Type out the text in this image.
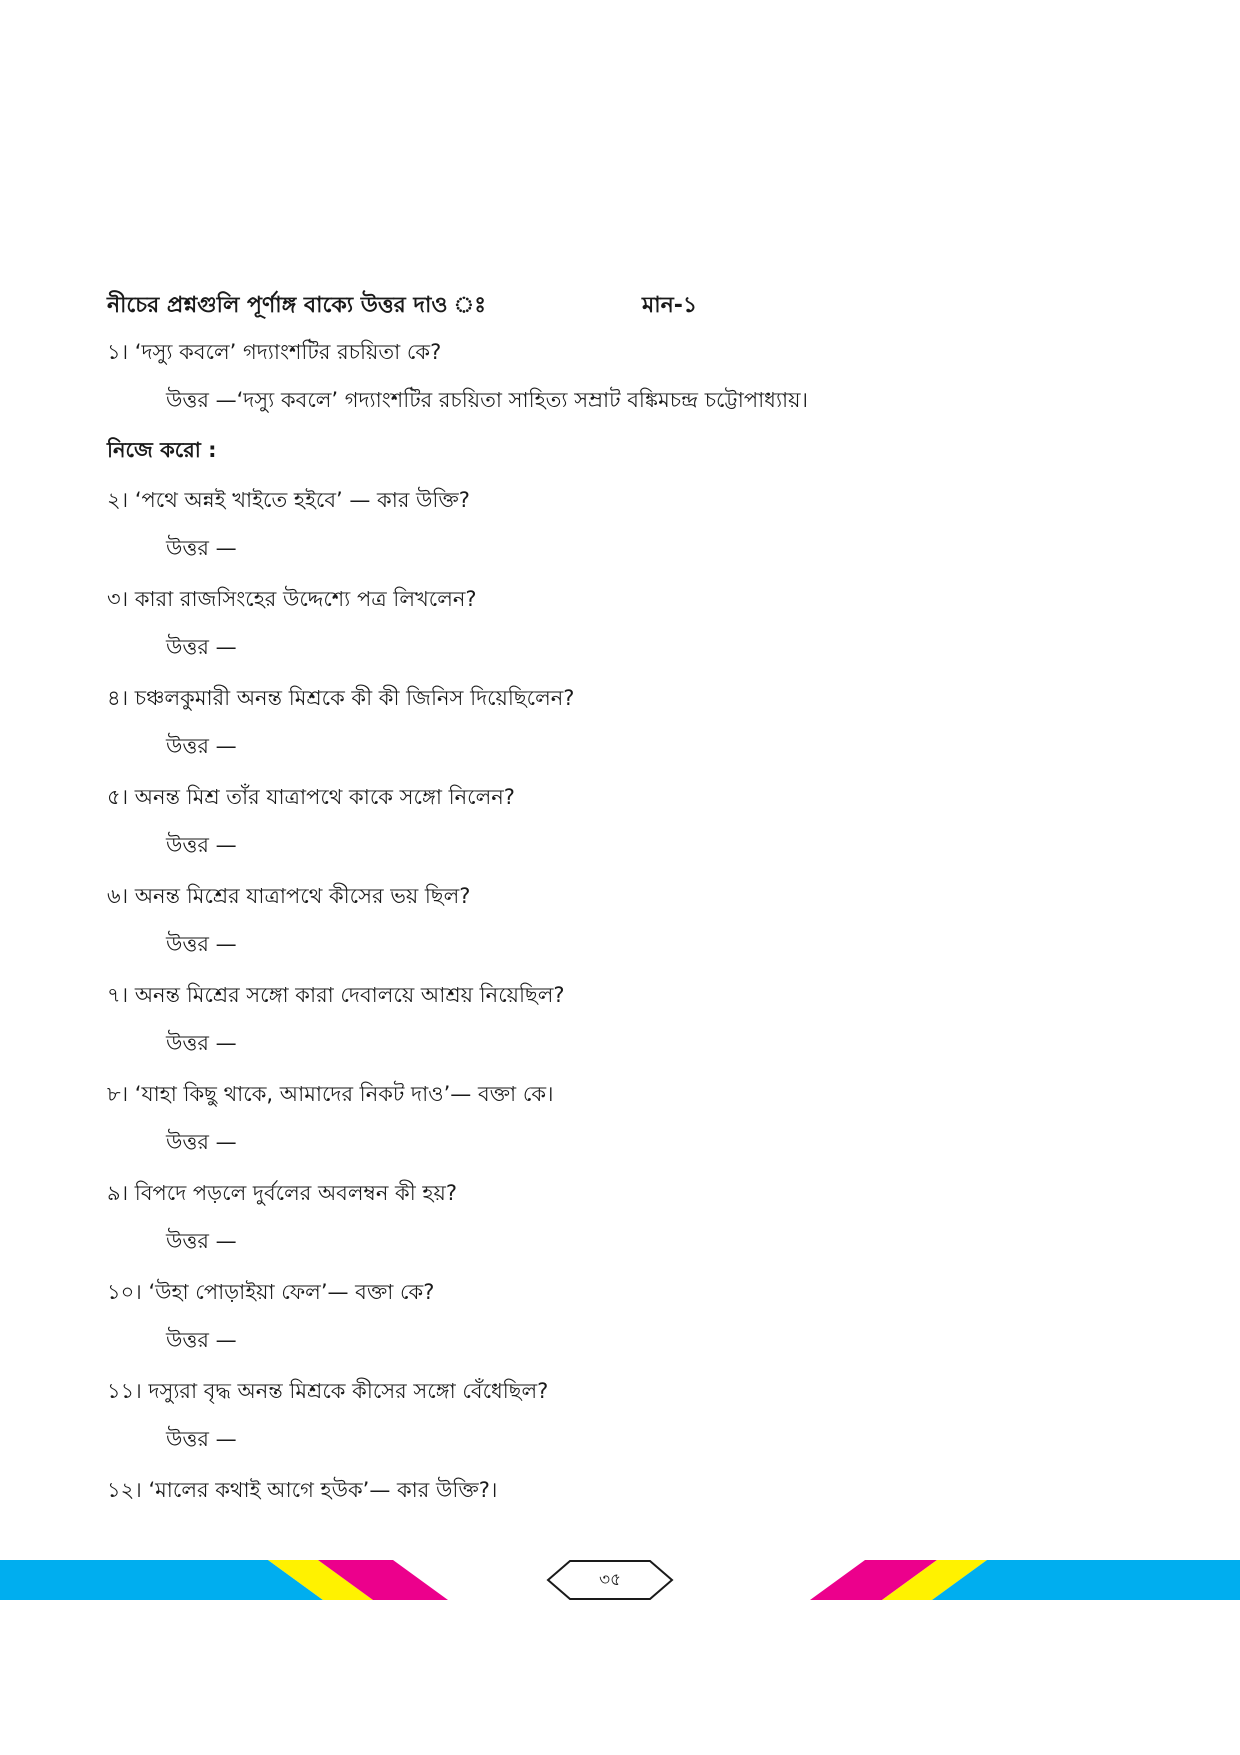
নীচের প্রশ্নগুলি পূর্ণাঙ্গ বাক্যে উত্তর দাও ঃ	মান-১
১। ‘দস্যু কবলে’ গদ্যাংশটির রচয়িতা কে?
উত্তর —‘দস্যু কবলে’ গদ্যাংশটির রচয়িতা সাহিত্য সম্রাট বঙ্কিমচন্দ্র চট্টোপাধ্যায়।
নিজে করো :
২। ‘পথে অন্নই খাইতে হইবে’ — কার উক্তি?
উত্তর —
৩। কারা রাজসিংহের উদ্দেশ্যে পত্র লিখলেন?
উত্তর —
৪। চঞ্চলকুমারী অনন্ত মিশ্রকে কী কী জিনিস দিয়েছিলেন?
উত্তর —
৫। অনন্ত মিশ্র তাঁর যাত্রাপথে কাকে সঙ্গো নিলেন?
উত্তর —
৬। অনন্ত মিশ্রের যাত্রাপথে কীসের ভয় ছিল?
উত্তর —
৭। অনন্ত মিশ্রের সঙ্গো কারা দেবালয়ে আশ্রয় নিয়েছিল?
উত্তর —
৮। ‘যাহা কিছু থাকে, আমাদের নিকট দাও’— বক্তা কে।
উত্তর —
৯। বিপদে পড়লে দুর্বলের অবলম্বন কী হয়?
উত্তর —
১০। ‘উহা পোড়াইয়া ফেল’— বক্তা কে?
উত্তর —
১১। দস্যুরা বৃদ্ধ অনন্ত মিশ্রকে কীসের সঙ্গো বেঁধেছিল?
উত্তর —
১২। ‘মালের কথাই আগে হউক’— কার উক্তি?।
৩৫
